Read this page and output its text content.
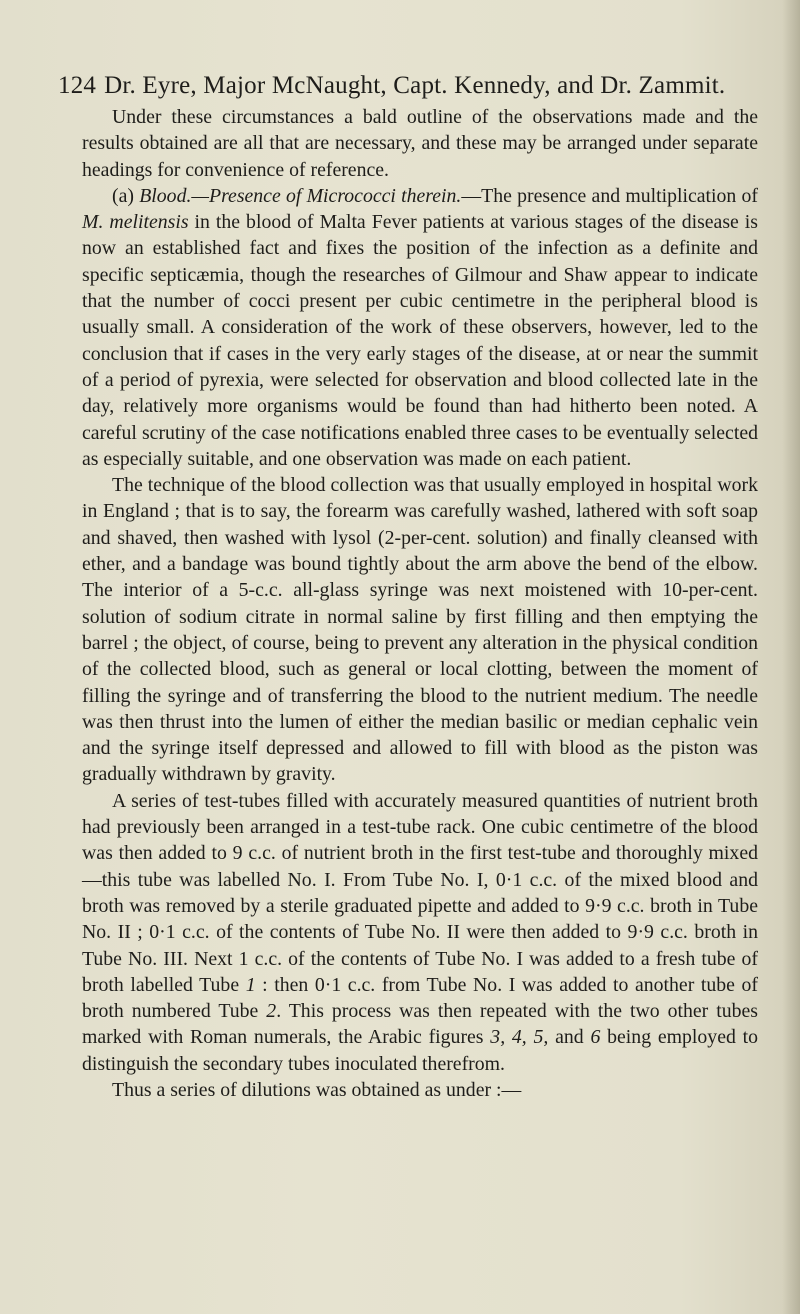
124 Dr. Eyre, Major McNaught, Capt. Kennedy, and Dr. Zammit.

Under these circumstances a bald outline of the observations made and the results obtained are all that are necessary, and these may be arranged under separate headings for convenience of reference.

(a) Blood.—Presence of Micrococci therein.—The presence and multiplication of M. melitensis in the blood of Malta Fever patients at various stages of the disease is now an established fact and fixes the position of the infection as a definite and specific septicæmia, though the researches of Gilmour and Shaw appear to indicate that the number of cocci present per cubic centimetre in the peripheral blood is usually small. A consideration of the work of these observers, however, led to the conclusion that if cases in the very early stages of the disease, at or near the summit of a period of pyrexia, were selected for observation and blood collected late in the day, relatively more organisms would be found than had hitherto been noted. A careful scrutiny of the case notifications enabled three cases to be eventually selected as especially suitable, and one observation was made on each patient.

The technique of the blood collection was that usually employed in hospital work in England ; that is to say, the forearm was carefully washed, lathered with soft soap and shaved, then washed with lysol (2-per-cent. solution) and finally cleansed with ether, and a bandage was bound tightly about the arm above the bend of the elbow. The interior of a 5-c.c. all-glass syringe was next moistened with 10-per-cent. solution of sodium citrate in normal saline by first filling and then emptying the barrel ; the object, of course, being to prevent any alteration in the physical condition of the collected blood, such as general or local clotting, between the moment of filling the syringe and of transferring the blood to the nutrient medium. The needle was then thrust into the lumen of either the median basilic or median cephalic vein and the syringe itself depressed and allowed to fill with blood as the piston was gradually withdrawn by gravity.

A series of test-tubes filled with accurately measured quantities of nutrient broth had previously been arranged in a test-tube rack. One cubic centimetre of the blood was then added to 9 c.c. of nutrient broth in the first test-tube and thoroughly mixed—this tube was labelled No. I. From Tube No. I, 0·1 c.c. of the mixed blood and broth was removed by a sterile graduated pipette and added to 9·9 c.c. broth in Tube No. II ; 0·1 c.c. of the contents of Tube No. II were then added to 9·9 c.c. broth in Tube No. III. Next 1 c.c. of the contents of Tube No. I was added to a fresh tube of broth labelled Tube 1 : then 0·1 c.c. from Tube No. I was added to another tube of broth numbered Tube 2. This process was then repeated with the two other tubes marked with Roman numerals, the Arabic figures 3, 4, 5, and 6 being employed to distinguish the secondary tubes inoculated therefrom.

Thus a series of dilutions was obtained as under :—
